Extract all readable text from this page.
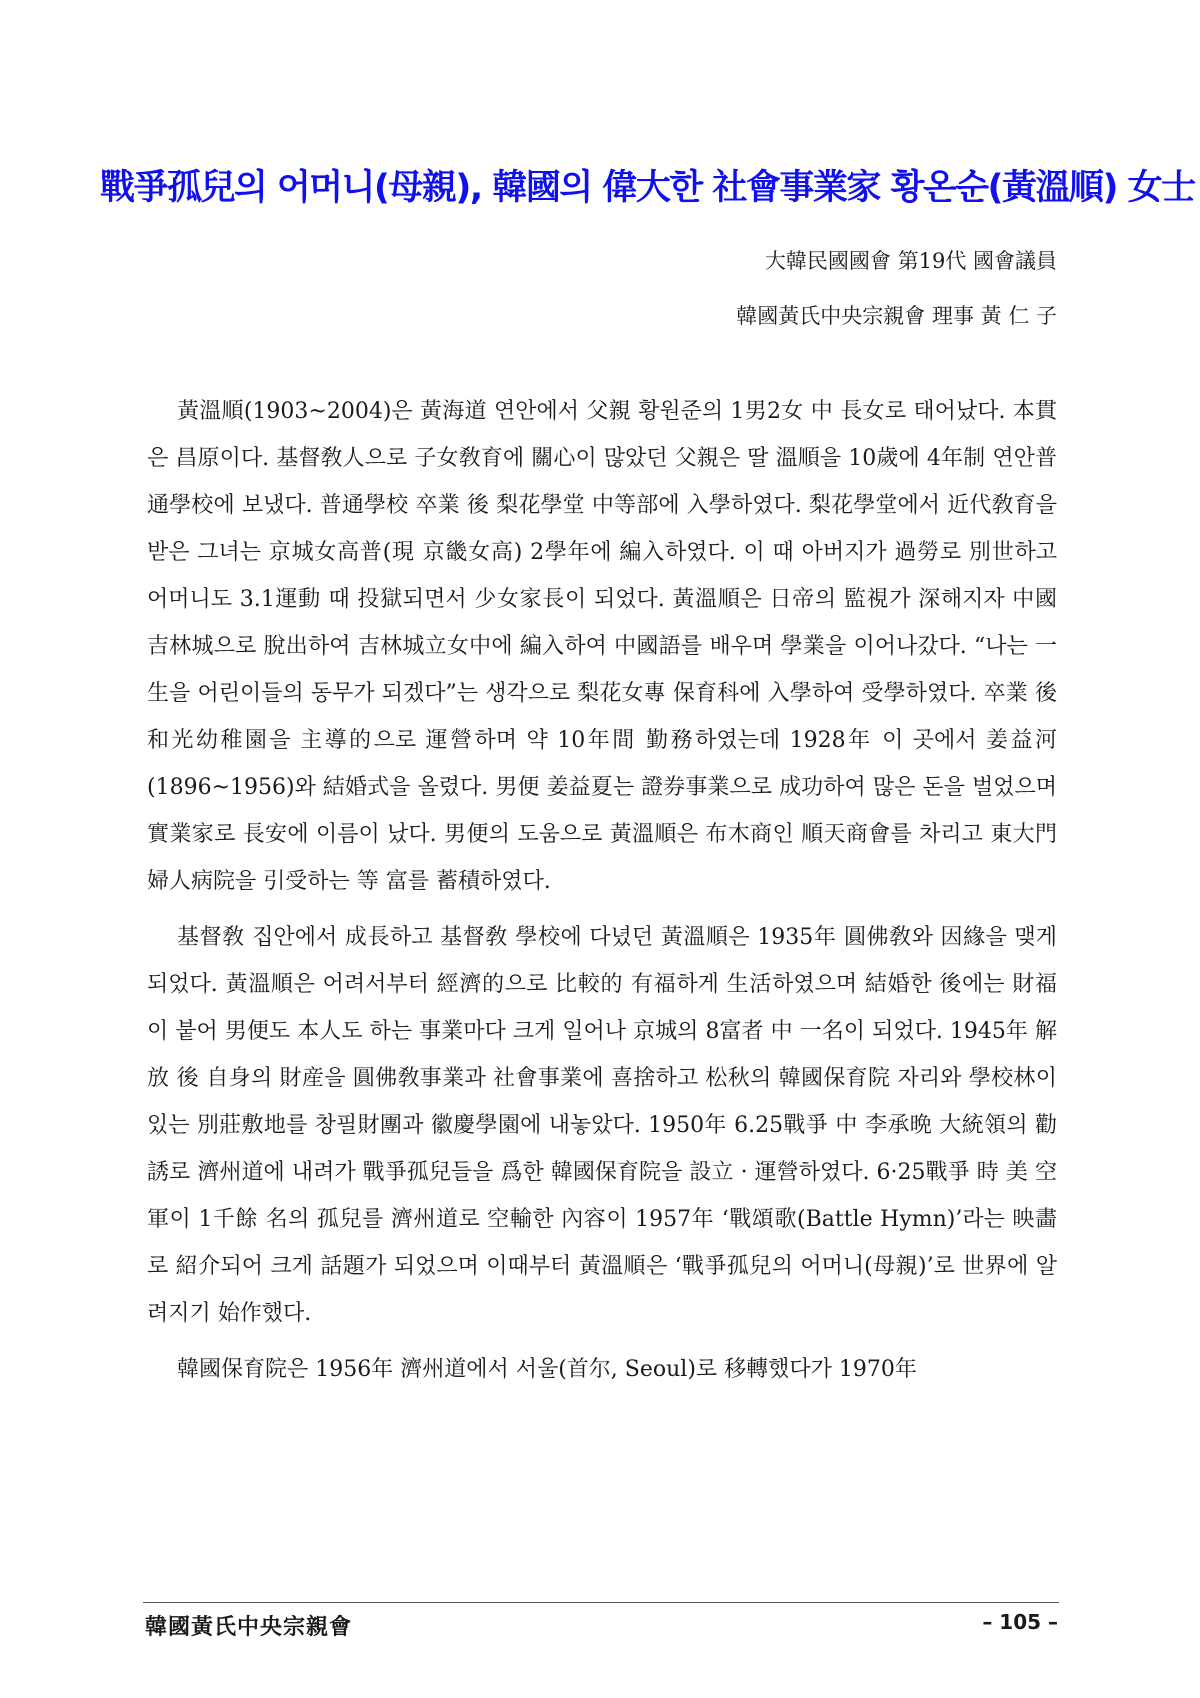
戰爭孤兒의 어머니(母親), 韓國의 偉大한 社會事業家 황온순(黃溫順) 女士
大韓民國國會 第19代 國會議員
韓國黃氏中央宗親會 理事 黃 仁 子

黃溫順(1903~2004)은 黃海道 연안에서 父親 황원준의 1男2女 中 長女로 태어났다. 本貫은 昌原이다. 基督敎人으로 子女敎育에 關心이 많았던 父親은 딸 溫順을 10歲에 4年制 연안普通學校에 보냈다. 普通學校 卒業 後 梨花學堂 中等部에 入學하였다. 梨花學堂에서 近代敎育을 받은 그녀는 京城女高普(現 京畿女高) 2學年에 編入하였다. 이 때 아버지가 過勞로 別世하고 어머니도 3.1運動 때 投獄되면서 少女家長이 되었다. 黃溫順은 日帝의 監視가 深해지자 中國 吉林城으로 脫出하여 吉林城立女中에 編入하여 中國語를 배우며 學業을 이어나갔다. “나는 一生을 어린이들의 동무가 되겠다”는 생각으로 梨花女專 保育科에 入學하여 受學하였다. 卒業 後 和光幼稚園을 主導的으로 運營하며 약 10年間 勤務하였는데 1928年 이 곳에서 姜益河(1896~1956)와 結婚式을 올렸다. 男便 姜益夏는 證券事業으로 成功하여 많은 돈을 벌었으며 實業家로 長安에 이름이 났다. 男便의 도움으로 黃溫順은 布木商인 順天商會를 차리고 東大門婦人病院을 引受하는 等 富를 蓄積하였다.

基督敎 집안에서 成長하고 基督敎 學校에 다녔던 黃溫順은 1935年 圓佛敎와 因緣을 맺게 되었다. 黃溫順은 어려서부터 經濟的으로 比較的 有福하게 生活하였으며 結婚한 後에는 財福이 붙어 男便도 本人도 하는 事業마다 크게 일어나 京城의 8富者 中 一名이 되었다. 1945年 解放 後 自身의 財産을 圓佛敎事業과 社會事業에 喜捨하고 松秋의 韓國保育院 자리와 學校林이 있는 別莊敷地를 창필財團과 徽慶學園에 내놓았다. 1950年 6.25戰爭 中 李承晩 大統領의 勸誘로 濟州道에 내려가 戰爭孤兒들을 爲한 韓國保育院을 設立 · 運營하였다. 6·25戰爭 時 美 空軍이 1千餘 名의 孤兒를 濟州道로 空輸한 內容이 1957年 ‘戰頌歌(Battle Hymn)’라는 映畵로 紹介되어 크게 話題가 되었으며 이때부터 黃溫順은 ‘戰爭孤兒의 어머니(母親)’로 世界에 알려지기 始作했다.

韓國保育院은 1956年 濟州道에서 서울(首尔, Seoul)로 移轉했다가 1970年

韓國黃氏中央宗親會	– 105 –
